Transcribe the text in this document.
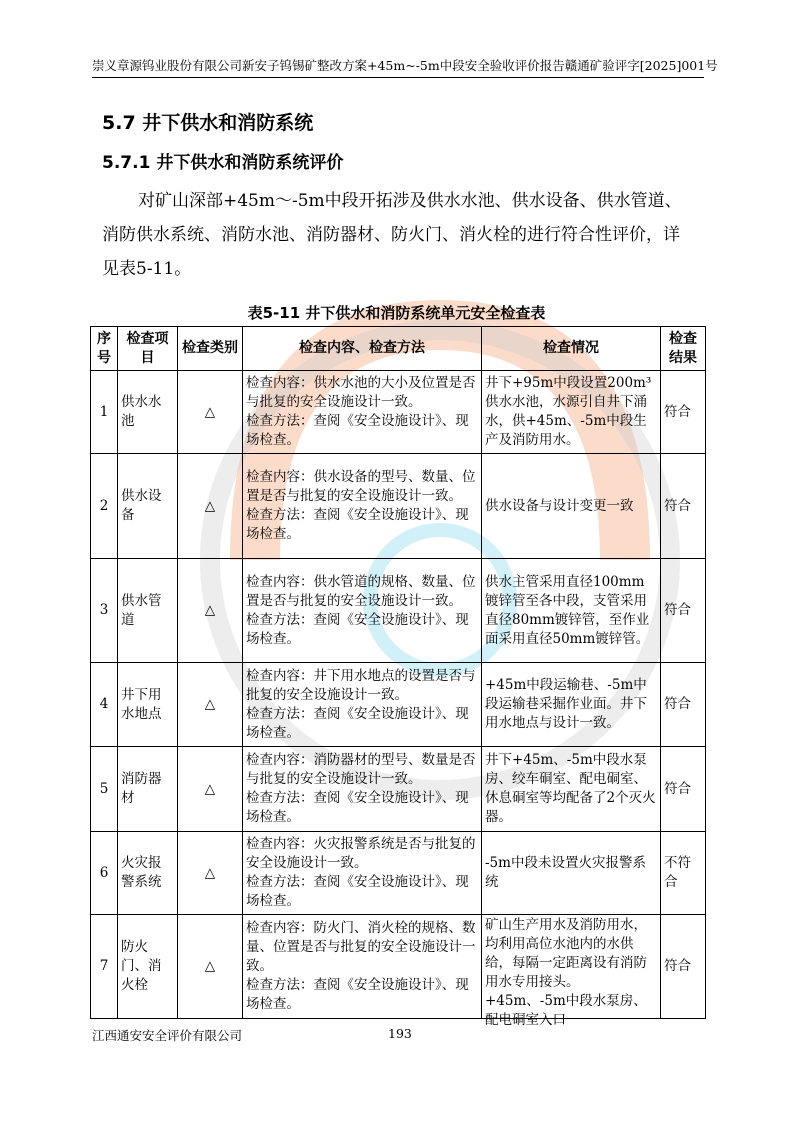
崇义章源钨业股份有限公司新安子钨锡矿整改方案+45m~-5m中段安全验收评价报告 赣通矿验评字[2025]001号
5.7 井下供水和消防系统
5.7.1 井下供水和消防系统评价
对矿山深部+45m～-5m中段开拓涉及供水水池、供水设备、供水管道、消防供水系统、消防水池、消防器材、防火门、消火栓的进行符合性评价，详见表5-11。
表5-11 井下供水和消防系统单元安全检查表
序号	检查项目	检查类别	检查内容、检查方法	检查情况	检查结果

1	供水水池	△	检查内容：供水水池的大小及位置是否与批复的安全设施设计一致。
检查方法：查阅《安全设施设计》、现场检查。	井下+95m中段设置200m³供水水池，水源引自井下涌水，供+45m、-5m中段生产及消防用水。	符合

2	供水设备	△	检查内容：供水设备的型号、数量、位置是否与批复的安全设施设计一致。
检查方法：查阅《安全设施设计》、现场检查。	供水设备与设计变更一致	符合

3	供水管道	△	检查内容：供水管道的规格、数量、位置是否与批复的安全设施设计一致。
检查方法：查阅《安全设施设计》、现场检查。	供水主管采用直径100mm镀锌管至各中段，支管采用直径80mm镀锌管，至作业面采用直径50mm镀锌管。	符合

4	井下用水地点	△	检查内容：井下用水地点的设置是否与批复的安全设施设计一致。
检查方法：查阅《安全设施设计》、现场检查。	+45m中段运输巷、-5m中段运输巷采掘作业面。井下用水地点与设计一致。	符合

5	消防器材	△	检查内容：消防器材的型号、数量是否与批复的安全设施设计一致。
检查方法：查阅《安全设施设计》、现场检查。	井下+45m、-5m中段水泵房、绞车硐室、配电硐室、休息硐室等均配备了2个灭火器。	符合

6	火灾报警系统	△	检查内容：火灾报警系统是否与批复的安全设施设计一致。
检查方法：查阅《安全设施设计》、现场检查。	-5m中段未设置火灾报警系统	不符合

7	防火门、消火栓	△	检查内容：防火门、消火栓的规格、数量、位置是否与批复的安全设施设计一致。
检查方法：查阅《安全设施设计》、现场检查。	矿山生产用水及消防用水，均利用高位水池内的水供给，每隔一定距离设有消防用水专用接头。+45m、-5m中段水泵房、配电硐室入口	符合
江西通安安全评价有限公司	193
